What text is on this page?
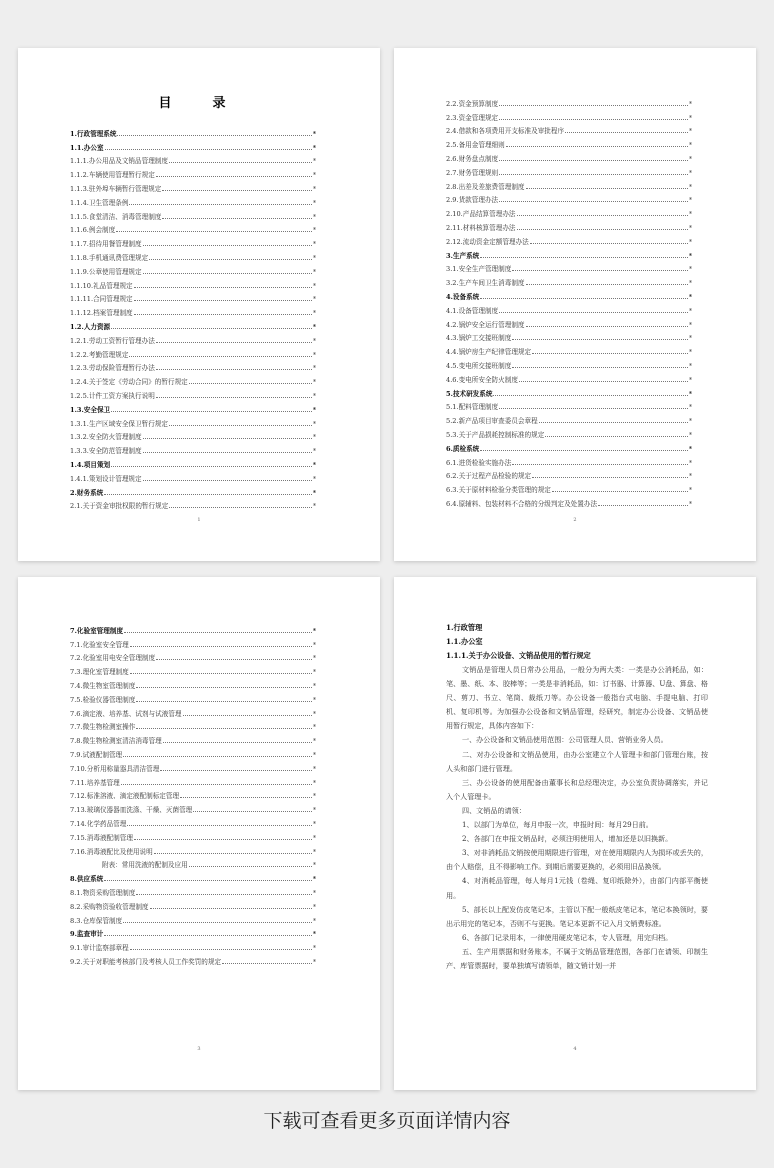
目　录
1.行政管理系统	*
1.1.办公室	*
1.1.1.办公用品及文销品管理制度	*
1.1.2.车辆使用管理暂行规定	*
1.1.3.驻外埠车辆暂行管理规定	*
1.1.4.卫生管理条例	*
1.1.5.食堂清洁、消毒管理制度	*
1.1.6.例会制度	*
1.1.7.招待用餐管理制度	*
1.1.8.手机通讯费管理规定	*
1.1.9.公章使用管理规定	*
1.1.10.礼品管理规定	*
1.1.11.合同管理规定	*
1.1.12.档案管理制度	*
1.2.人力资源	*
1.2.1.劳动工资暂行管理办法	*
1.2.2.考勤管理规定	*
1.2.3.劳动保险管理暂行办法	*
1.2.4.关于签定《劳动合同》的暂行规定	*
1.2.5.计件工资方案执行说明	*
1.3.安全保卫	*
1.3.1.生产区域安全保卫暂行规定	*
1.3.2.安全防火管理制度	*
1.3.3.安全防范管理制度	*
1.4.项目策划	*
1.4.1.策划设计管理规定	*
2.财务系统	*
2.1.关于资金审批权限的暂行规定	*
1
2.2.资金预算制度	*
2.3.资金管理规定	*
2.4.借款和各项费用开支标准及审批程序	*
2.5.备用金管理细则	*
2.6.财务盘点制度	*
2.7.财务管理规则	*
2.8.出差及差旅费管理制度	*
2.9.货款管理办法	*
2.10.产品结算管理办法	*
2.11.材料核算管理办法	*
2.12.流动资金定额管理办法	*
3.生产系统	*
3.1.安全生产管理制度	*
3.2.生产车间卫生消毒制度	*
4.设备系统	*
4.1.设备管理制度	*
4.2.锅炉安全运行管理制度	*
4.3.锅炉工交接班制度	*
4.4.锅炉房生产纪律管理规定	*
4.5.变电所交接班制度	*
4.6.变电所安全防火制度	*
5.技术研发系统	*
5.1.配料管理制度	*
5.2.新产品项目审查委员会章程	*
5.3.关于产品损耗控制标准的规定	*
6.质检系统	*
6.1.进货检验实施办法	*
6.2.关于过程产品检验的规定	*
6.3.关于原材料检验分类管理的规定	*
6.4.原辅料、包装材料不合格的分级判定及处置办法	*
2
7.化验室管理制度	*
7.1.化验室安全管理	*
7.2.化验室用电安全管理制度	*
7.3.理化室管理制度	*
7.4.微生物室管理制度	*
7.5.检验仪器管理制度	*
7.6.滴定液、培养基、试剂与试液管理	*
7.7.微生物检测室操作	*
7.8.微生物检测室清洁消毒管理	*
7.9.试液配制管理	*
7.10.分析用称量器具清洁管理	*
7.11.培养基管理	*
7.12.标准溶液、滴定液配制标定管理	*
7.13.玻璃仪器器皿洗涤、干燥、灭菌管理	*
7.14.化学药品管理	*
7.15.消毒液配制管理	*
7.16.消毒液配比及使用说明	*
附表：常用洗液的配制及应用	*
8.供应系统	*
8.1.物资采购管理制度	*
8.2.采购物资验收管理制度	*
8.3.仓库保管制度	*
9.监查审计	*
9.1.审计监察部章程	*
9.2.关于对职能考核部门及考核人员工作奖罚的规定	*
3
1.行政管理
1.1.办公室
1.1.1.关于办公设备、文销品使用的暂行规定

文销品是管理人员日常办公用品，一般分为两大类：一类是办公消耗品，如：笔、墨、纸、本、胶棒等；一类是非消耗品，如：订书器、计算器、U盘、算盘、格尺、剪刀、书立、笔筒、裁纸刀等。办公设备一般指台式电脑、手提电脑、打印机、复印机等。为加强办公设备和文销品管理，经研究，制定办公设备、文销品使用暂行规定，具体内容如下：

一、办公设备和文销品使用范围：公司管理人员、营销业务人员。

二、对办公设备和文销品使用，由办公室建立个人管理卡和部门管理台账，按人头和部门进行管理。

三、办公设备的使用配备由董事长和总经理决定，办公室负责协调落实，并记入个人管理卡。

四、文销品的请领：

1、以部门为单位，每月申报一次，申报时间：每月29日前。

2、各部门在申报文销品时，必须注明使用人，增加还是以旧换新。

3、对非消耗品文销按使用期限进行管理，对在使用期限内人为损坏或丢失的，由个人赔偿，且不得影响工作。到期后需要更换的，必须用旧品换领。

4、对消耗品管理，每人每月1元钱（卷绳、复印纸除外），由部门内部平衡使用。

5、部长以上配发仿皮笔记本，主管以下配一般纸皮笔记本，笔记本换领时，要出示用完的笔记本，否则不与更换。笔记本更新不记入月文销费标准。

6、各部门记录用本，一律使用硬皮笔记本，专人管理，用完归档。

五、生产用票据和财务账本，不属于文销品管理范围，各部门在请领、印制生产、库管票据时，要单独填写请领单，随文销计划一并

4
下载可查看更多页面详情内容
